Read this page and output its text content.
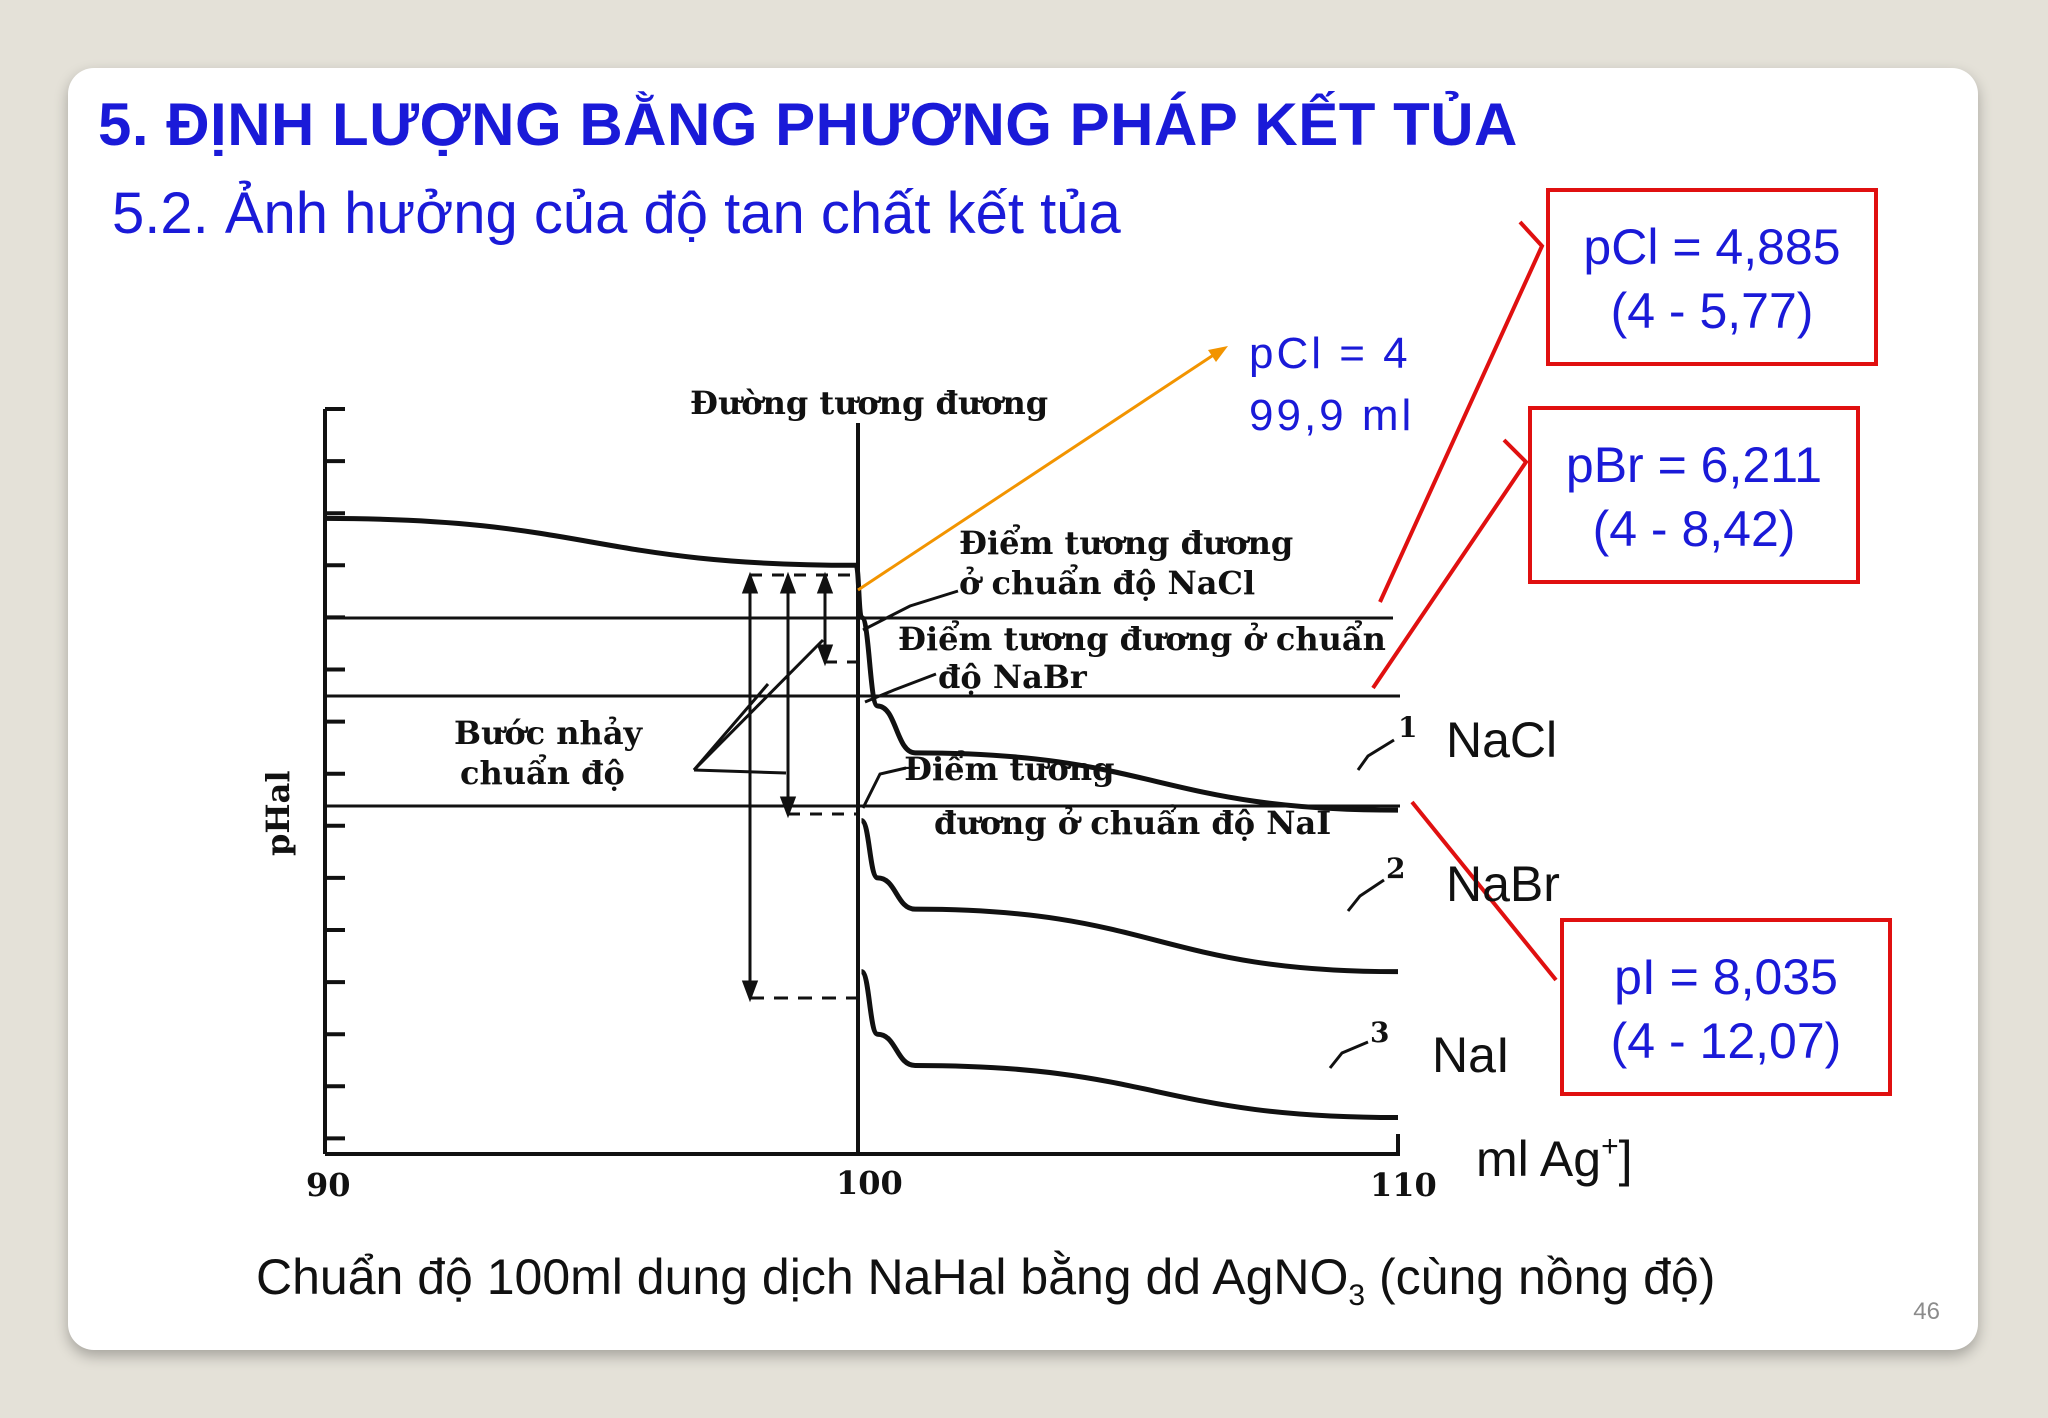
5. ĐỊNH LƯỢNG BẰNG PHƯƠNG PHÁP KẾT TỦA
5.2. Ảnh hưởng của độ tan chất kết tủa
90	100	110
pHal
Đường tương đương
1
2
3
Bước nhảy
chuẩn độ
Điểm tương đương
ở chuẩn độ NaCl
Điểm tương đương ở chuẩn
độ NaBr
Điểm tương
đương ở chuẩn độ NaI
pCl = 4
99,9 ml
pCl = 4,885
(4 - 5,77)
pBr = 6,211
(4 - 8,42)
pI = 8,035
(4 - 12,07)
NaCl
NaBr
NaI
ml Ag+]
Chuẩn độ 100ml dung dịch NaHal bằng dd AgNO$_3$ (cùng nồng độ)
46
